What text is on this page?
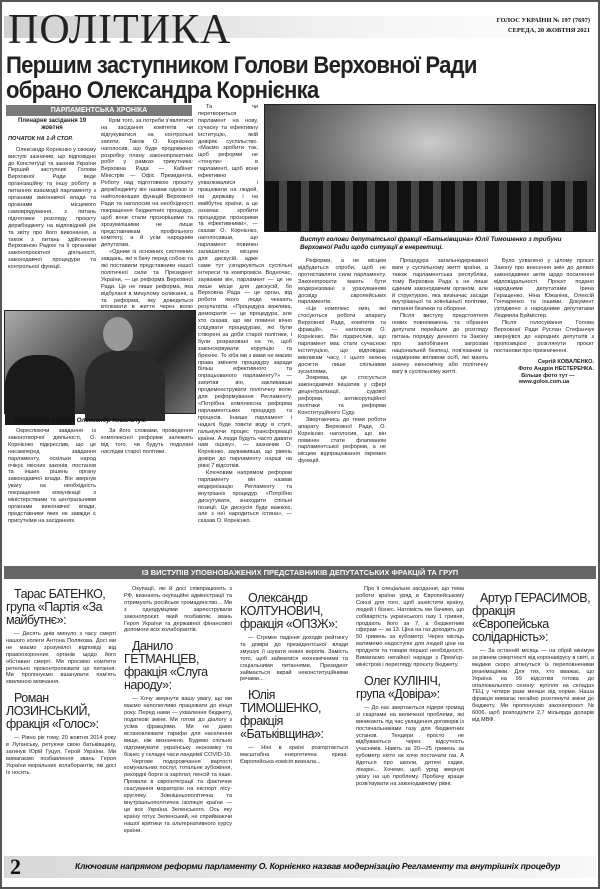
ПОЛІТИКА	ГОЛОС УКРАЇНИ № 197 (7697)
СЕРЕДА, 20 ЖОВТНЯ 2021
Першим заступником Голови Верховної Ради обрано Олександра Корнієнка
ПАРЛАМЕНТСЬКА ХРОНІКА

Пленарне засідання 19 жовтня

ПОЧАТОК НА 1-Й СТОР.

Олександр Корнієнко у своєму виступі зазначив, що відповідно до Конституції та законів України Перший заступник Голови Верховної Ради веде організаційну та іншу роботу в питаннях взаємодії парламенту з органами виконавчої влади та органами місцевого самоврядування, з питань підготовки розгляду проєкту держбюджету на відповідний рік та звіту про його виконання, а також з питань здійснення Верховною Радою та її органами законопроєктної діяльності, законодавчої процедури та контрольної функції.

Окреслюючи завдання із законотворчої діяльності, О. Корнієнко підкреслив, що це насамперед завдання парламенту, оскільки народ очікує якісних законів, постанов та інших рішень органу законодавчої влади. Він звернув увагу на необхідність покращення комунікації з міністерствами та центральними органами виконавчої влади, представники яких не завжди є присутніми на засіданнях.

Крім того, за потреби з'являтися на засідання комітетів чи відгукуватися на контрольні запити. Також О. Корнієнко наголосив, що буде продовжено розробку плану законопроєктних робіт у рамках трикутника: Верховна Рада — Кабінет Міністрів — Офіс Президента. Роботу над підготовкою проєкту держбюджету він назвав однією із найголовніших функцій Верховної Ради та наголосив на необхідності покращення бюджетних процедур, щоб вони стали прозорішими та зрозумілішими не лише представникам профільного комітету, а й усім народним депутатам.

«Одним із основних системних завдань, які я бачу перед собою та які поставили представники нашої політичної сили та Президент України, — це реформа Верховної Ради. Це не лише реформа, яка відбулася в минулому скликанні, а та реформа, яку доведеться втілювати в життя через волю

За його словами, проведення комплексної реформи залежить від того, чи будуть подолані наслідки старої політики.

Та чи перетвориться парламент на нову, сучасну та ефективну інституцію, якій довіряє суспільство. «Маємо зробити так, щоб реформи не «тонули» в парламенті, щоб вони ефективно ухвалювалися і працювали на людей, на державу і на майбутнє країни, а це означає зробити процедури прозорими та ефективними», — сказав О. Корнієнко, наголосивши, що парламент повинен залишатися місцем для дискусій, адже саме тут узгоджуються суспільні інтереси та компроміси. Водночас, зауважив він, парламент — це не лише місце для дискусій, бо Верховна Рада — це орган, від роботи якого люди чекають результатів. «Процедура важлива, демократія — це процедура, але хто сказав, що ми повинні вічно слідувати процедурам, які були створені за доби старої політики, і були розраховані на те, щоб законсервувати корупцію та брехню. То хіба ми з вами не маємо права змінити процедуру заради більш ефективного та опрацьованого парламенту?» — запитав він, закликавши продемонструвати політичну волю для реформування Регламенту. «Потрібна комплексна реформа парламентських процедур та процесів. Інакше парламент і надалі буде товкти воду в ступі, гальмуючи процес трансформації країни. А люди будуть часто давати нам оцінку», — зазначив О. Корнієнко, зауваживши, що рівень довіри до парламенту наразі на рівні 7 відсотків.

Ключовим напрямом реформи парламенту він назвав модернізацію Регламенту та внутрішніх процедур. «Потрібно дискутувати, знаходити спільні позиції. Ця дискусія буде важкою, але з неї народиться істина», — сказав О. Корнієнко.

Виступ голови депутатської фракції «Батьківщина» Юлії Тимошенко з трибуни Верховної Ради щодо ситуації в енергетиці.
Ростислав Тістик, Олександр Ковальчук.

Реформи, а не місцем відбудеться спроби, щоб не протиставляти сили парламенту. Законопроєкти мають бути модернізовані з урахуванням досвіду європейських парламентів.

«Це комплекс змін, які стосуються роботи апарату Верховної Ради, комітетів та фракцій», — наголосив О. Корнієнко. Він підкреслив, що парламент має стати сучасною інституцією, що відповідає викликам часу, і цього можна досягти лише спільними зусиллями.

Зокрема, це стосується законодавчих ініціатив у сфері децентралізації, судової реформи, антикорупційної політики та реформи Конституційного Суду.

Звертаючись до теми роботи апарату Верховної Ради, О. Корнієнко наголосив, що він повинен стати флагманом парламентської реформи, а не місцем відпрацювання окремих функцій.

Процедура загальнодержавної ваги у суспільному житті країни, а також парламентська республіка, тому Верховна Рада є не лише єдиним законодавчим органом, але й структурою, яка визначає засади внутрішньої та зовнішньої політики, питання безпеки та оборони.

Після виступу предстоятеля нових повноважень та обрання депутати перейшли до розгляду питань порядку денного та Закону про запобігання загрозам національній безпеці, пов'язаним із надмірним впливом осіб, які мають значну економічну або політичну вагу в суспільному житті.

Було ухвалено у цілому проєкт Закону про внесення змін до деяких законодавчих актів щодо посилення відповідальності. Проєкт подано народними депутатами Ірина Геращенко, Ніна Южаніна, Олексій Гончаренко та іншими. Документ узгоджено з народними депутатами Людмила Буймістер.

Після голосування Голова Верховної Ради Руслан Стефанчук звернувся до народних депутатів з пропозицією розглянути проєкт постанови про призначення.

Сергій КОВАЛЕНКО.

Фото Андрія НЕСТЕРЕНКА.

Більше фото тут — www.golos.com.ua

ІЗ ВИСТУПІВ УПОВНОВАЖЕНИХ ПРЕДСТАВНИКІВ ДЕПУТАТСЬКИХ ФРАКЦІЙ ТА ГРУП

Тарас БАТЕНКО, група «Партія «За майбутнє»:

— Десять днів минуло з часу смерті нашого колеги Антона Полякова. Досі ми не маємо зрозумілої відповіді від правоохоронних органів щодо його обставин смерті. Ми просимо комітети ретельно проконтролювати це питання. Ми пропонуємо вшанувати пам'ять хвилиною мовчання.

Роман ЛОЗИНСЬКИЙ, фракція «Голос»:

— Рівно рік тому, 20 жовтня 2014 року в Луганську, ретуючи свою батьківщину, загинув Юрій Гуцул, Герой України. Ми вимагаємо позбавлення звань Героя України моральних колаборантів, які досі їх носять.

Окупації, які й досі співпрацюють з РФ, визнають окупаційні адміністрації та отримують російське громадянство... Ми з однодумцями зареєстрували законопроєкт, який позбавляє звань Героя України та державної фінансової допомоги всіх колаборантів.

Данило ГЕТМАНЦЕВ, фракція «Слуга народу»:

— Хочу звернути вашу увагу, що ми маємо наполегливо працювати до кінця року. Перед нами — ухвалення бюджету, податкові зміни. Ми готові до діалогу з усіма фракціями. Ми не дамо встановлювати тарифи для населення вище, ніж визначено. Будемо спільно підтримувати українську економіку та бізнес у складні часи пандемії COVID-19.

Чергове подорожчання вартості комунальних послуг, тотальне зубожіння, рекордні борги із зарплат, пенсій та інше. Провали в євроінтеграції та фактичне скасування мораторію на експорт лісу-кругляку. Зовнішньополітична та внутрішньополітична ізоляція країни — це все Україна Зеленського. Ось яку країну готує Зеленський, не сприймаючи нашої критики та альтернативного курсу країни.

Олександр КОЛТУНОВИЧ, фракція «ОПЗЖ»:

— Стрімке падіння доходів рейтингу та довіри до президентської влади змушує її шукати нових ворогів. Замість того, щоб займатися економічними та соціальними питаннями, Президент займається вкрай неконституційними речами...

Юлія ТИМОШЕНКО, фракція «Батьківщина»:

— Ніні в країні розгортається масштабна енергетична криза. Європейська комісія визнала...

Про їі спеціальне засідання, що тема роботи країни уряд в Європейському Союзі для того, щоб захистити країну, людей і бізнес. Натомість ми бачимо, що собівартість українського газу 1 гривня, продають його за 7, а бюджетним сферам — за 13. Ціна на газ доходить до 50 гривень за кубометр. Через місяць матимемо недоступні для людей ціни на продукти та товари першої необхідності. Вимагаємо негайної наради з Прем'єр-міністром і перегляду проєкту бюджету.

Олег КУЛІНІЧ, група «Довіра»:

— До нас звертаються лідери громад зі скаргами на величезні проблеми, які виникають під час укладення договорів із постачальниками газу для бюджетних установ. Тендери просто не відбуваються через відсутність учасників. Навіть за 20—25 гривень за кубометр ніхто не хоче постачати газ. А йдеться про школи, дитячі садки, лікарні... Хочемо, щоб уряд звернув увагу на цю проблему. Пробачу краще розв'язувати на законодавчому рівні.

Артур ГЕРАСИМОВ, фракція «Європейська солідарність»:

— За останній місяць — на обрій мінімум за рівнем смертності від коронавірусу в світі, а медики скоро зіткнуться із переповненими реанімаціями. Для тих, хто вважає, що Україна на 99 відсотків готова до опалювального сезону: вугілля на складах ТЕЦ у чотири рази менше від норми. Наша фракція вимагає негайно розглянути зміни до бюджету. Ми пропонуємо законопроєкт № 6006, щоб розподілити 2,7 мільярда доларів від МВФ.

2	Ключовим напрямом реформи парламенту О. Корнієнко назвав модернізацію Регламенту та внутрішніх процедур
